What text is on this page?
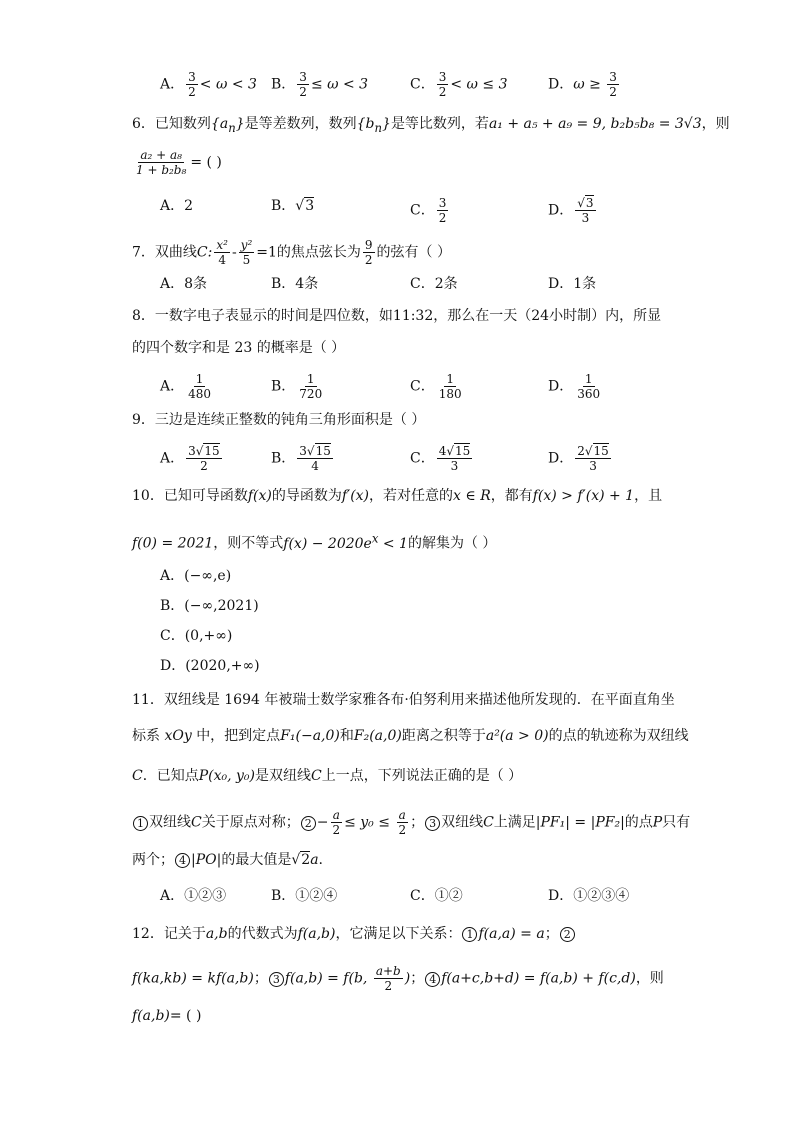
A． $\frac{3}{2} < \omega < 3$ B． $\frac{3}{2} \le \omega < 3$	C． $\frac{3}{2} < \omega \le 3$	D．$\omega \ge \frac{3}{2}$
6．已知数列$\{a_n\}$是等差数列，数列$\{b_n\}$是等比数列，若a₁ + a₅ + a₉ = 9, b₂b₅b₈ = 3√3，则
$\frac{\text{a₂ + a₈}}{\text{1 + b₂b₈}}$ = ( )
A．2	B．√3	C． $\frac{3}{2}$	D． $\frac{√3}{3}$
7．双曲线C: $\frac{\text{x²}}{4} - \frac{\text{y²}}{5} =1$的焦点弦长为 $\frac{9}{2}$ 的弦有（ ）
A．8条	B．4条	C．2条	D．1条
8．一数字电子表显示的时间是四位数，如11:32，那么在一天（24小时制）内，所显
的四个数字和是 23 的概率是（ ）
A． $\frac{1}{480}$	B． $\frac{1}{720}$	C． $\frac{1}{180}$	D． $\frac{1}{360}$
9．三边是连续正整数的钝角三角形面积是（ ）
A． $\frac{3√15}{2}$	B． $\frac{3√15}{4}$	C． $\frac{4√15}{3}$	D． $\frac{2√15}{3}$
10．已知可导函数f(x)的导函数为f′(x)，若对任意的x ∈ R，都有f(x) > f′(x) + 1，且
f(0) = 2021，则不等式$f(x) - 2020e^x < 1$的解集为（ ）
A．(−∞,e)
B．(−∞,2021)
C．(0,+∞)
D．(2020,+∞)
11．双纽线是 1694 年被瑞士数学家雅各布·伯努利用来描述他所发现的．在平面直角坐
标系 xOy 中，把到定点F₁(−a,0)和F₂(a,0)距离之积等于a²(a > 0)的点的轨迹称为双纽线
C．已知点P(x₀, y₀)是双纽线C上一点，下列说法正确的是（ ）
1 双纽线C关于原点对称； $2 - \frac{a}{2} \le y_0 \le \frac{a}{2}$ ； 3 双纽线C上满足|PF₁| = |PF₂|的点P只有
两个； 4 |PO|的最大值是√2a.
A．①②③	B．①②④	C．①②	D．①②③④
12．记关于a,b的代数式为f(a,b)，它满足以下关系： 1 f(a,a) = a； 2
f(ka,kb) = kf(a,b)； 3 f(a,b) = f(b, $\frac{a+b}{2}$ )； 4 f(a+c,b+d) = f(a,b) + f(c,d)，则
f(a,b)= ( )
